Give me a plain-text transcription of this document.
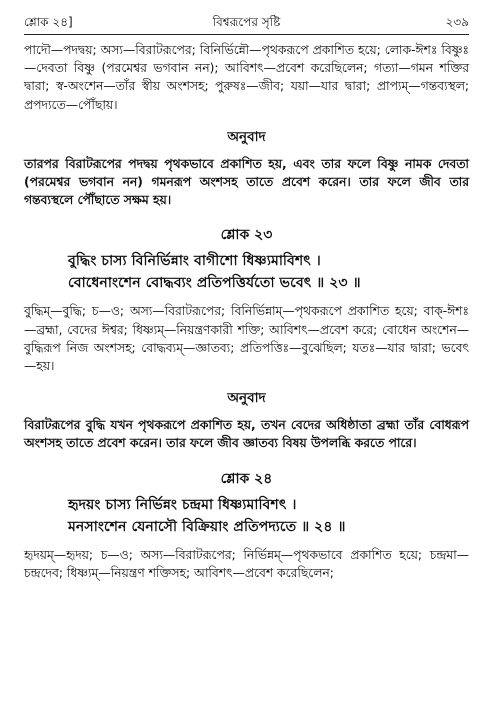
শ্লোক ২৪]	বিশ্বরূপের সৃষ্টি	২৩৯

পাদৌ—পদদ্বয়; অস্য—বিরাটরূপের; বিনির্ভিন্নৌ—পৃথকরূপে প্রকাশিত হয়ে; লোক-ঈশঃ বিষ্ণুঃ—দেবতা বিষ্ণু (পরমেশ্বর ভগবান নন); আবিশৎ—প্রবেশ করেছিলেন; গত্যা—গমন শক্তির দ্বারা; স্ব-অংশেন—তাঁর স্বীয় অংশসহ; পুরুষঃ—জীব; যয়া—যার দ্বারা; প্রাপ্যম্—গন্তব্যস্থল; প্রপদ্যতে—পৌঁছায়।

অনুবাদ

তারপর বিরাটরূপের পদদ্বয় পৃথকভাবে প্রকাশিত হয়, এবং তার ফলে বিষ্ণু নামক দেবতা (পরমেশ্বর ভগবান নন) গমনরূপ অংশসহ তাতে প্রবেশ করেন। তার ফলে জীব তার গন্তব্যস্থলে পৌঁছাতে সক্ষম হয়।

শ্লোক ২৩
বুদ্ধিং চাস্য বিনির্ভিন্নাং বাগীশো ধিষ্ণ্যমাবিশৎ ।
বোধেনাংশেন বোদ্ধব্যং প্রতিপত্তির্যতো ভবেৎ ॥ ২৩ ॥

বুদ্ধিম্—বুদ্ধি; চ—ও; অস্য—বিরাটরূপের; বিনির্ভিন্নাম্—পৃথকরূপে প্রকাশিত হয়ে; বাক্-ঈশঃ—ব্রহ্মা, বেদের ঈশ্বর; ধিষ্ণ্যম্—নিয়ন্ত্রণকারী শক্তি; আবিশৎ—প্রবেশ করে; বোধেন অংশেন—বুদ্ধিরূপ নিজ অংশসহ; বোদ্ধব্যম্—জ্ঞাতব্য; প্রতিপত্তিঃ—বুঝেছিল; যতঃ—যার দ্বারা; ভবেৎ—হয়।

অনুবাদ

বিরাটরূপের বুদ্ধি যখন পৃথকরূপে প্রকাশিত হয়, তখন বেদের অধিষ্ঠাতা ব্রহ্মা তাঁর বোধরূপ অংশসহ তাতে প্রবেশ করেন। তার ফলে জীব জ্ঞাতব্য বিষয় উপলব্ধি করতে পারে।

শ্লোক ২৪
হৃদয়ং চাস্য নির্ভিন্নং চন্দ্রমা ধিষ্ণ্যমাবিশৎ ।
মনসাংশেন যেনাসৌ বিক্রিয়াং প্রতিপদ্যতে ॥ ২৪ ॥

হৃদয়ম্—হৃদয়; চ—ও; অস্য—বিরাটরূপের; নির্ভিন্নম্—পৃথকভাবে প্রকাশিত হয়ে; চন্দ্রমা—চন্দ্রদেব; ধিষ্ণ্যম্—নিয়ন্ত্রণ শক্তিসহ; আবিশৎ—প্রবেশ করেছিলেন;
